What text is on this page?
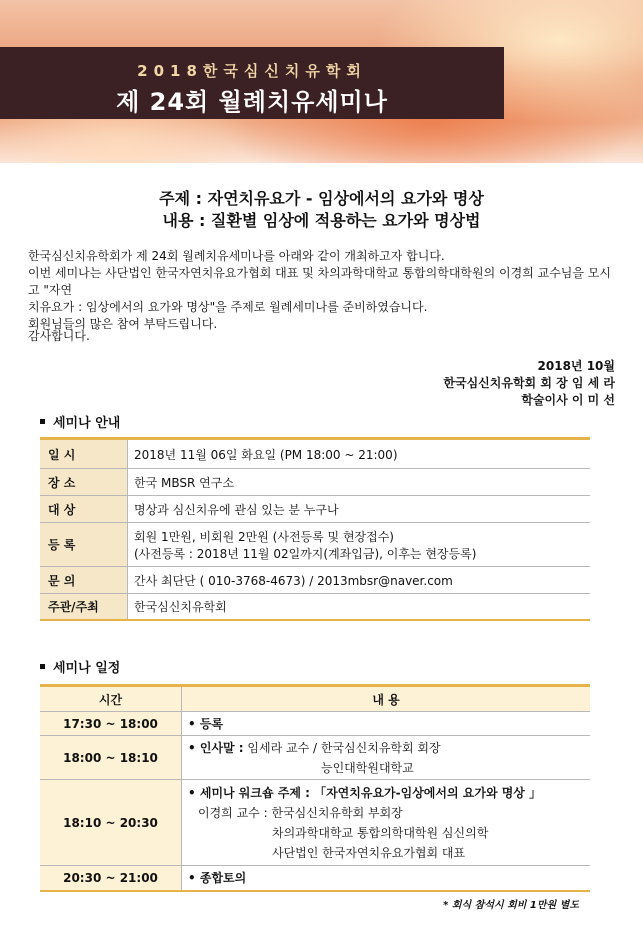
2018한국심신치유학회
제 24회 월례치유세미나
주제 : 자연치유요가 - 임상에서의 요가와 명상
내용 : 질환별 임상에 적용하는 요가와 명상법

한국심신치유학회가 제 24회 월례치유세미나를 아래와 같이 개최하고자 합니다.

이번 세미나는 사단법인 한국자연치유요가협회 대표 및 차의과학대학교 통합의학대학원의 이경희 교수님을 모시고 "자연

치유요가 : 임상에서의 요가와 명상"을 주제로 월례세미나를 준비하였습니다.

회원님들의 많은 참여 부탁드립니다.

감사합니다.
2018년 10월
한국심신치유학회 회 장 임 세 라
학술이사 이 미 선
세미나 안내
일 시	2018년 11월 06일 화요일 (PM 18:00 ~ 21:00)
장 소	한국 MBSR 연구소
대 상	명상과 심신치유에 관심 있는 분 누구나
등 록	회원 1만원, 비회원 2만원 (사전등록 및 현장접수)
(사전등록 : 2018년 11월 02일까지(계좌입금), 이후는 현장등록)

문 의	간사 최단단 ( 010-3768-4673) / 2013mbsr@naver.com
주관/주최	한국심신치유학회
세미나 일정
시간	내 용
17:30 ~ 18:00	• 등록

18:00 ~ 18:10	• 인사말 : 임세라 교수 / 한국심신치유학회 회장
능인대학원대학교

18:10 ~ 20:30	• 세미나 워크숍 주제 : 「자연치유요가-임상에서의 요가와 명상 」
이경희 교수 : 한국심신치유학회 부회장
차의과학대학교 통합의학대학원 심신의학
사단법인 한국자연치유요가협회 대표

20:30 ~ 21:00	• 종합토의
* 회식 참석시 회비 1만원 별도
